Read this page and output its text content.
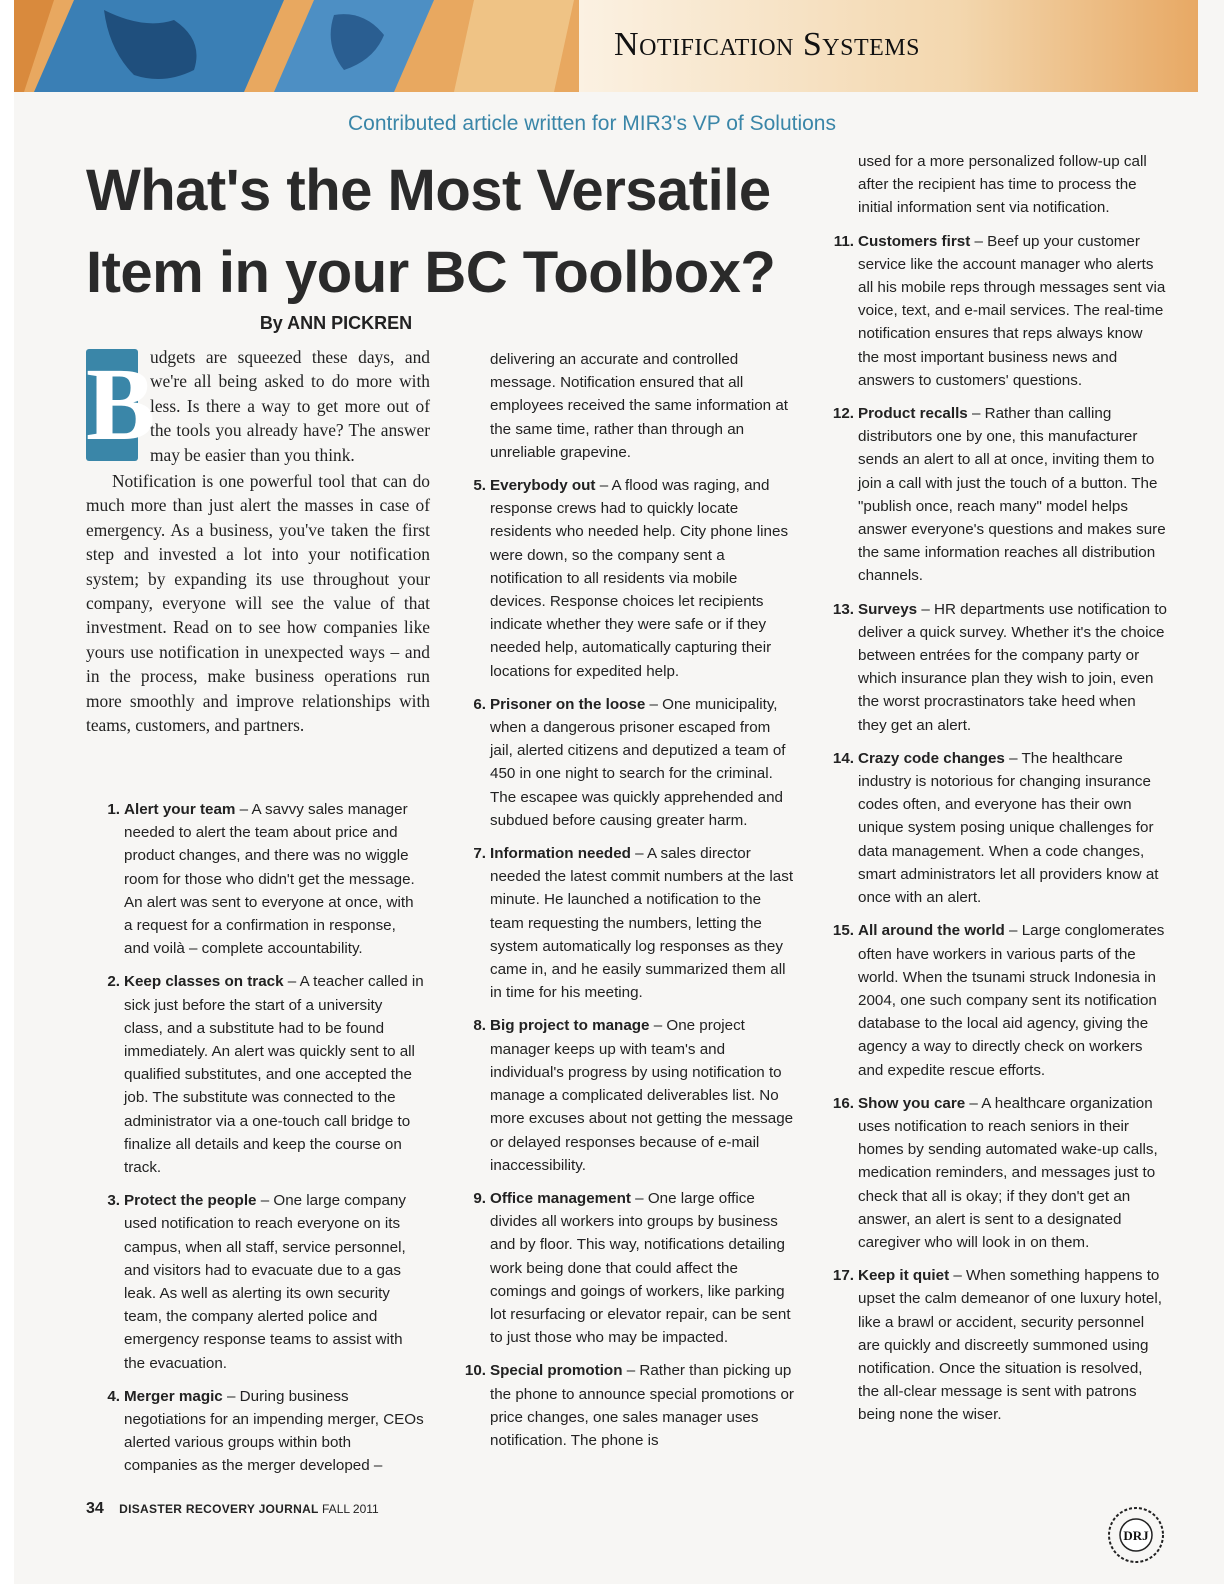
Notification Systems
Contributed article written for MIR3's VP of Solutions
What's the Most Versatile
Item in your BC Toolbox?
By ANN PICKREN
B

udgets are squeezed these days, and we're all being asked to do more with less. Is there a way to get more out of the tools you already have? The answer may be easier than you think.

Notification is one powerful tool that can do much more than just alert the masses in case of emergency. As a business, you've taken the first step and invested a lot into your notification system; by expanding its use throughout your company, everyone will see the value of that investment. Read on to see how companies like yours use notification in unexpected ways – and in the process, make business operations run more smoothly and improve relationships with teams, customers, and partners.

1. Alert your team – A savvy sales manager needed to alert the team about price and product changes, and there was no wiggle room for those who didn't get the message. An alert was sent to everyone at once, with a request for a confirmation in response, and voilà – complete accountability.
2. Keep classes on track – A teacher called in sick just before the start of a university class, and a substitute had to be found immediately. An alert was quickly sent to all qualified substitutes, and one accepted the job. The substitute was connected to the administrator via a one-touch call bridge to finalize all details and keep the course on track.
3. Protect the people – One large company used notification to reach everyone on its campus, when all staff, service personnel, and visitors had to evacuate due to a gas leak. As well as alerting its own security team, the company alerted police and emergency response teams to assist with the evacuation.
4. Merger magic – During business negotiations for an impending merger, CEOs alerted various groups within both companies as the merger developed –
delivering an accurate and controlled message. Notification ensured that all employees received the same information at the same time, rather than through an unreliable grapevine.
5. Everybody out – A flood was raging, and response crews had to quickly locate residents who needed help. City phone lines were down, so the company sent a notification to all residents via mobile devices. Response choices let recipients indicate whether they were safe or if they needed help, automatically capturing their locations for expedited help.
6. Prisoner on the loose – One municipality, when a dangerous prisoner escaped from jail, alerted citizens and deputized a team of 450 in one night to search for the criminal. The escapee was quickly apprehended and subdued before causing greater harm.
7. Information needed – A sales director needed the latest commit numbers at the last minute. He launched a notification to the team requesting the numbers, letting the system automatically log responses as they came in, and he easily summarized them all in time for his meeting.
8. Big project to manage – One project manager keeps up with team's and individual's progress by using notification to manage a complicated deliverables list. No more excuses about not getting the message or delayed responses because of e-mail inaccessibility.
9. Office management – One large office divides all workers into groups by business and by floor. This way, notifications detailing work being done that could affect the comings and goings of workers, like parking lot resurfacing or elevator repair, can be sent to just those who may be impacted.
10. Special promotion – Rather than picking up the phone to announce special promotions or price changes, one sales manager uses notification. The phone is
used for a more personalized follow-up call after the recipient has time to process the initial information sent via notification.
11. Customers first – Beef up your customer service like the account manager who alerts all his mobile reps through messages sent via voice, text, and e-mail services. The real-time notification ensures that reps always know the most important business news and answers to customers' questions.
12. Product recalls – Rather than calling distributors one by one, this manufacturer sends an alert to all at once, inviting them to join a call with just the touch of a button. The "publish once, reach many" model helps answer everyone's questions and makes sure the same information reaches all distribution channels.
13. Surveys – HR departments use notification to deliver a quick survey. Whether it's the choice between entrées for the company party or which insurance plan they wish to join, even the worst procrastinators take heed when they get an alert.
14. Crazy code changes – The healthcare industry is notorious for changing insurance codes often, and everyone has their own unique system posing unique challenges for data management. When a code changes, smart administrators let all providers know at once with an alert.
15. All around the world – Large conglomerates often have workers in various parts of the world. When the tsunami struck Indonesia in 2004, one such company sent its notification database to the local aid agency, giving the agency a way to directly check on workers and expedite rescue efforts.
16. Show you care – A healthcare organization uses notification to reach seniors in their homes by sending automated wake-up calls, medication reminders, and messages just to check that all is okay; if they don't get an answer, an alert is sent to a designated caregiver who will look in on them.
17. Keep it quiet – When something happens to upset the calm demeanor of one luxury hotel, like a brawl or accident, security personnel are quickly and discreetly summoned using notification. Once the situation is resolved, the all-clear message is sent with patrons being none the wiser.
34 DISASTER RECOVERY JOURNAL FALL 2011
DRJ
